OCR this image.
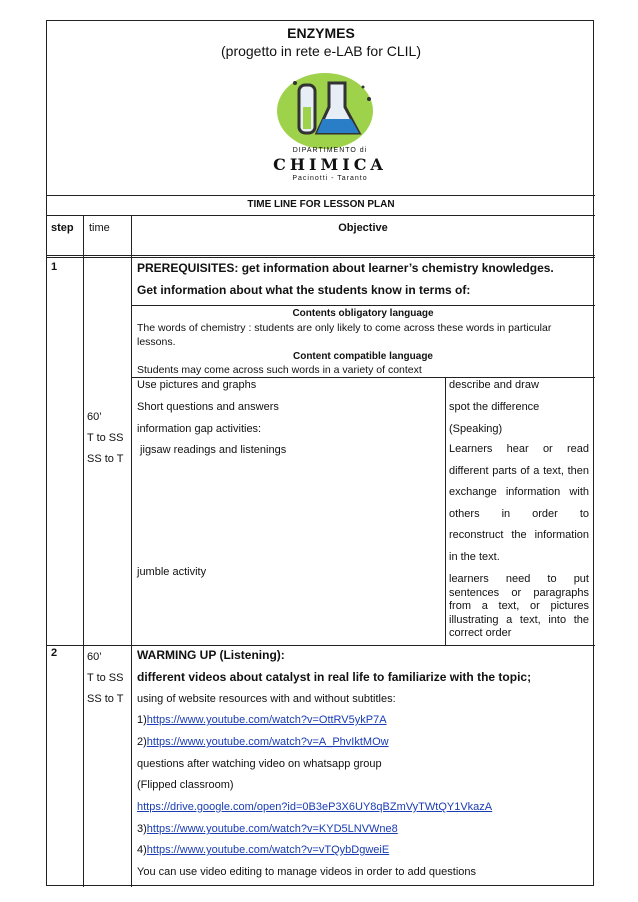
ENZYMES
(progetto in rete e-LAB for CLIL)
DIPARTIMENTO di
CHIMICA
Pacinotti - Taranto
TIME LINE FOR LESSON PLAN
step time	Objective
1
60’
T to SS
SS to T
PREREQUISITES: get information about learner’s chemistry knowledges.
Get information about what the students know in terms of:
Contents obligatory language
The words of chemistry : students are only likely to come across these words in particular lessons.
Content compatible language
Students may come across such words in a variety of context
Use pictures and graphs
Short questions and answers
information gap activities:
jigsaw readings and listenings
jumble activity
describe and draw
spot the difference
(Speaking)
Learners hear or read different parts of a text, then exchange information with others in order to reconstruct the information in the text.
learners need to put sentences or paragraphs from a text, or pictures illustrating a text, into the correct order
2	60’
T to SS
SS to T
WARMING UP (Listening):
different videos about catalyst in real life to familiarize with the topic;
using of website resources with and without subtitles:
1)https://www.youtube.com/watch?v=OttRV5ykP7A
2)https://www.youtube.com/watch?v=A_PhvIktMOw
questions after watching video on whatsapp group
(Flipped classroom)
https://drive.google.com/open?id=0B3eP3X6UY8qBZmVyTWtQY1VkazA
3)https://www.youtube.com/watch?v=KYD5LNVWne8
4)https://www.youtube.com/watch?v=vTQybDgweiE
You can use video editing to manage videos in order to add questions
